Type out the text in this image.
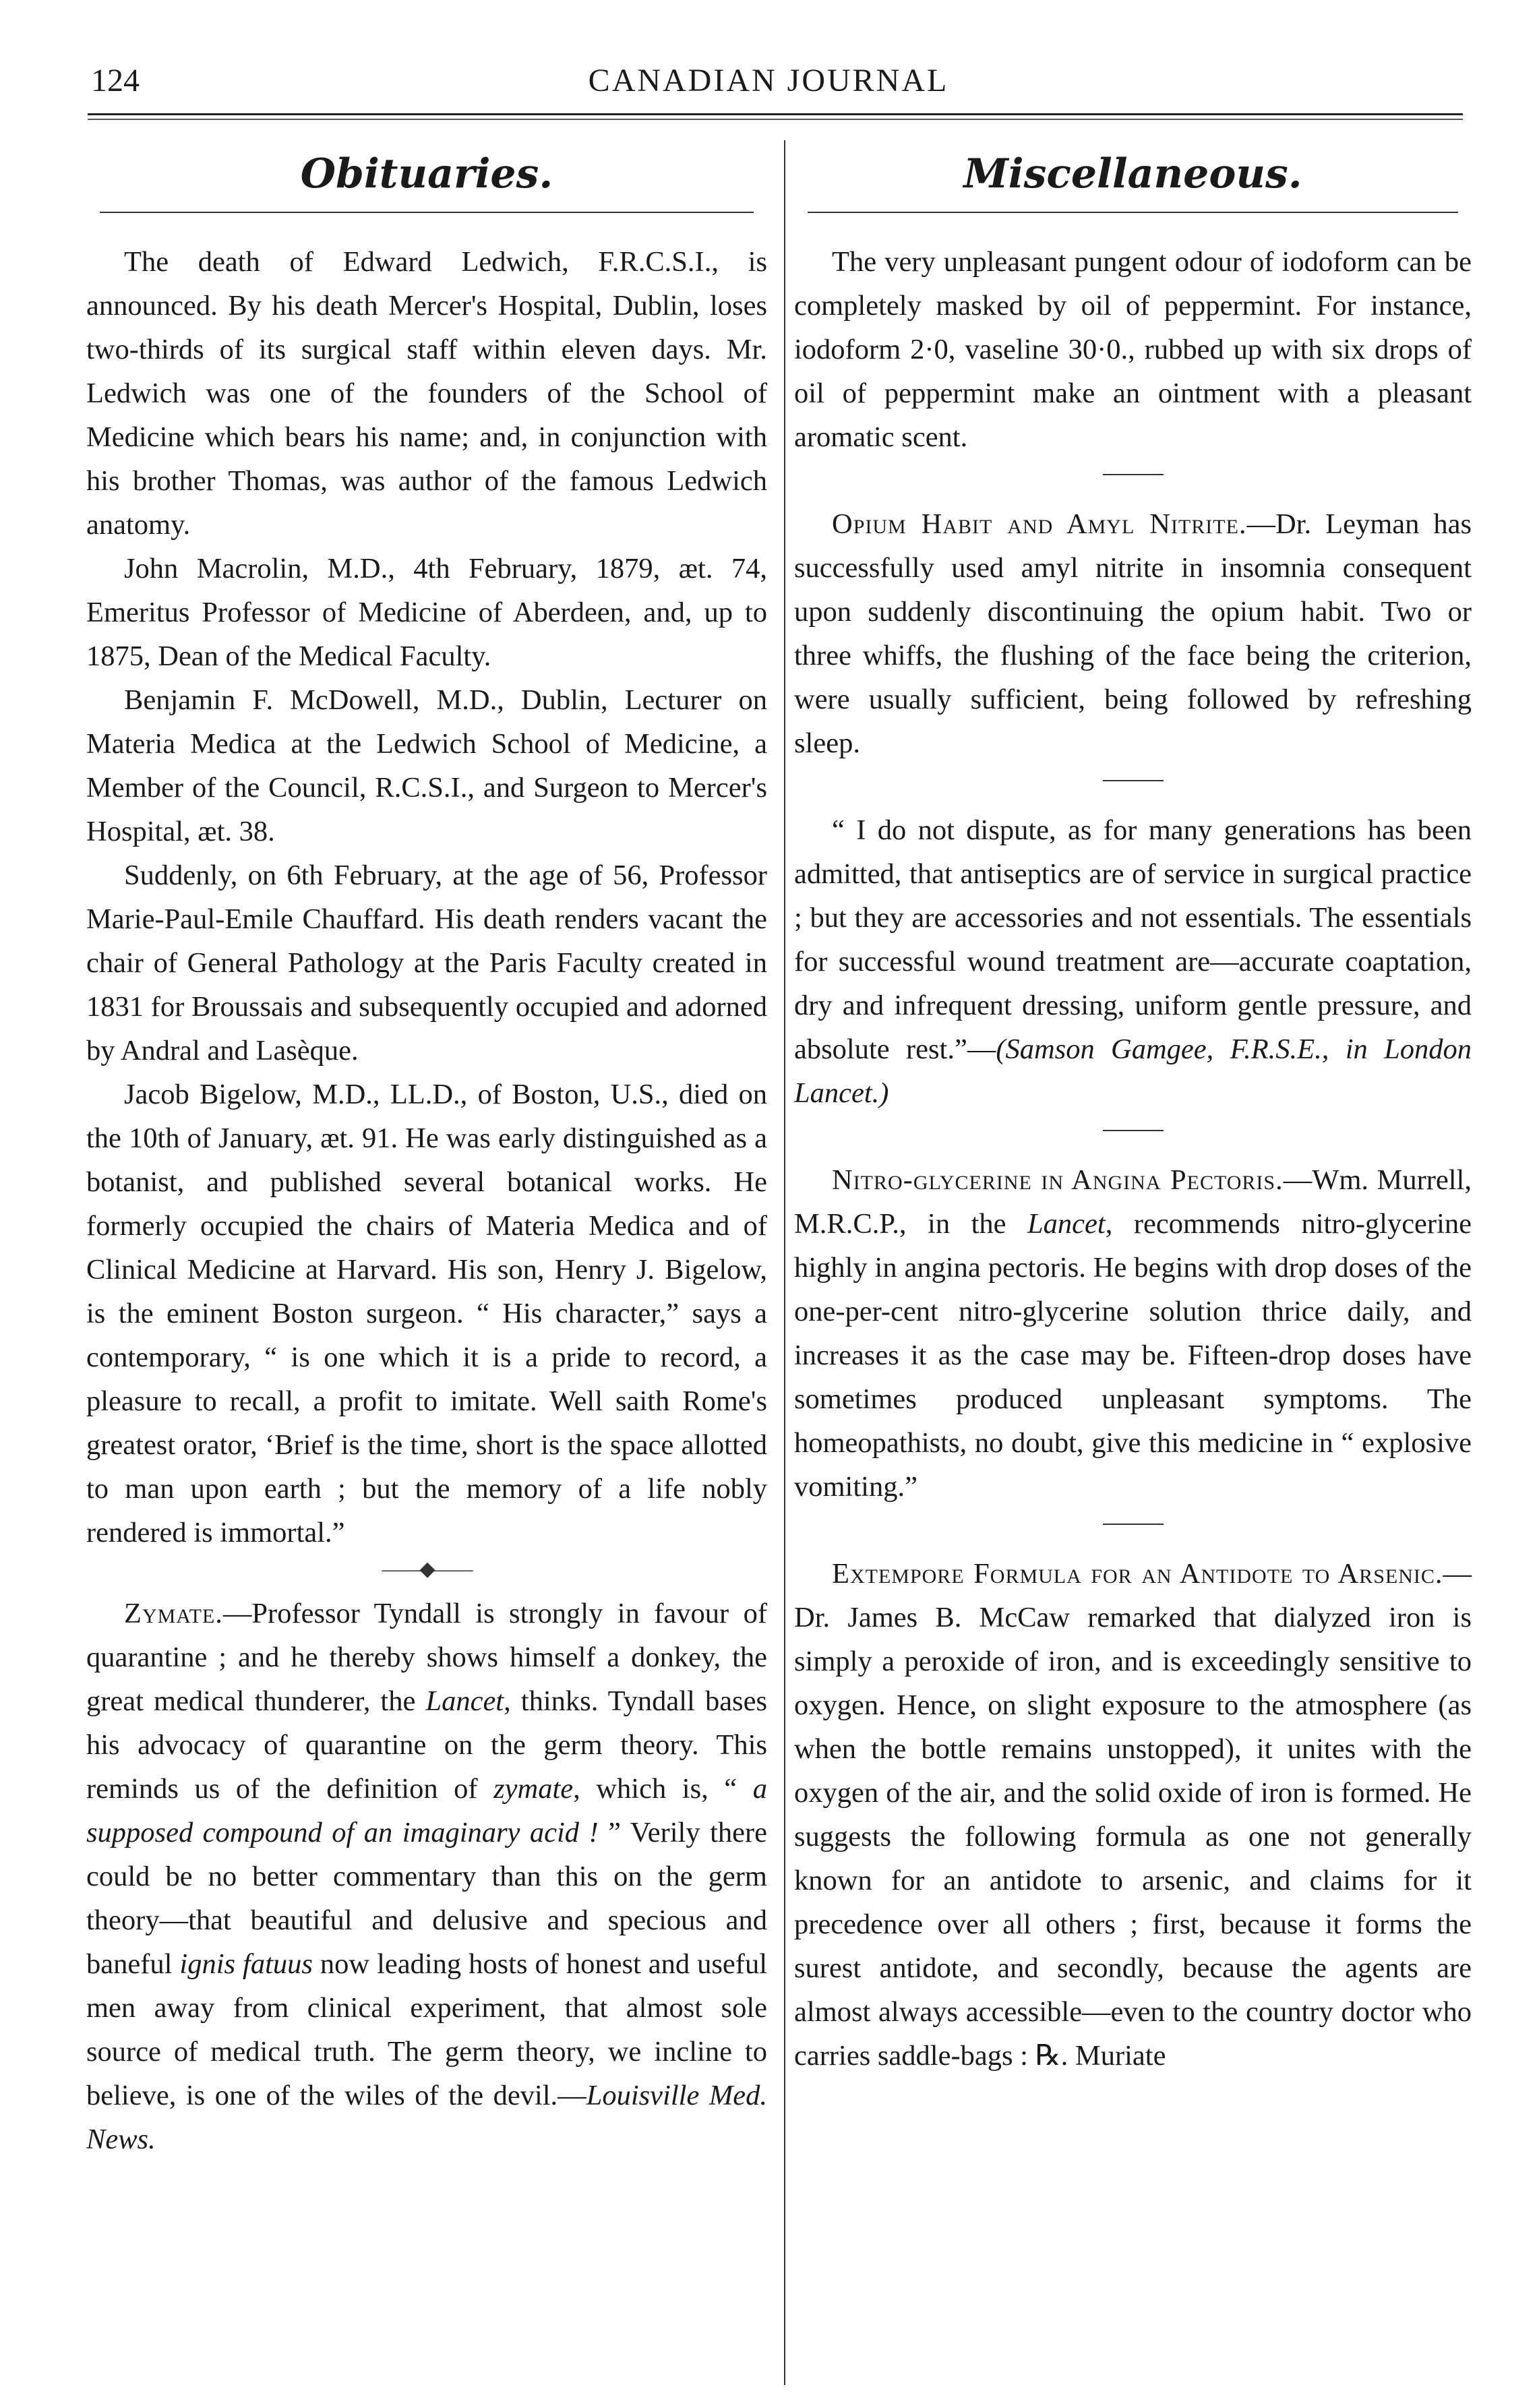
124	CANADIAN JOURNAL
Obituaries.

The death of Edward Ledwich, F.R.C.S.I., is announced. By his death Mercer's Hospital, Dublin, loses two-thirds of its surgical staff within eleven days. Mr. Ledwich was one of the founders of the School of Medicine which bears his name; and, in conjunction with his brother Thomas, was author of the famous Ledwich anatomy.

John Macrolin, M.D., 4th February, 1879, æt. 74, Emeritus Professor of Medicine of Aberdeen, and, up to 1875, Dean of the Medical Faculty.

Benjamin F. McDowell, M.D., Dublin, Lecturer on Materia Medica at the Ledwich School of Medicine, a Member of the Council, R.C.S.I., and Surgeon to Mercer's Hospital, æt. 38.

Suddenly, on 6th February, at the age of 56, Professor Marie-Paul-Emile Chauffard. His death renders vacant the chair of General Pathology at the Paris Faculty created in 1831 for Broussais and subsequently occupied and adorned by Andral and Lasèque.

Jacob Bigelow, M.D., LL.D., of Boston, U.S., died on the 10th of January, æt. 91. He was early distinguished as a botanist, and published several botanical works. He formerly occupied the chairs of Materia Medica and of Clinical Medicine at Harvard. His son, Henry J. Bigelow, is the eminent Boston surgeon. “ His character,” says a contemporary, “ is one which it is a pride to record, a pleasure to recall, a profit to imitate. Well saith Rome's greatest orator, ‘Brief is the time, short is the space allotted to man upon earth ; but the memory of a life nobly rendered is immortal.”

——◆——

Zymate.—Professor Tyndall is strongly in favour of quarantine ; and he thereby shows himself a donkey, the great medical thunderer, the Lancet, thinks. Tyndall bases his advocacy of quarantine on the germ theory. This reminds us of the definition of zymate, which is, “ a supposed compound of an imaginary acid ! ” Verily there could be no better commentary than this on the germ theory—that beautiful and delusive and specious and baneful ignis fatuus now leading hosts of honest and useful men away from clinical experiment, that almost sole source of medical truth. The germ theory, we incline to believe, is one of the wiles of the devil.—Louisville Med. News.

Miscellaneous.

The very unpleasant pungent odour of iodoform can be completely masked by oil of peppermint. For instance, iodoform 2·0, vaseline 30·0., rubbed up with six drops of oil of peppermint make an ointment with a pleasant aromatic scent.

Opium Habit and Amyl Nitrite.—Dr. Leyman has successfully used amyl nitrite in insomnia consequent upon suddenly discontinuing the opium habit. Two or three whiffs, the flushing of the face being the criterion, were usually sufficient, being followed by refreshing sleep.

“ I do not dispute, as for many generations has been admitted, that antiseptics are of service in surgical practice ; but they are accessories and not essentials. The essentials for successful wound treatment are—accurate coaptation, dry and infrequent dressing, uniform gentle pressure, and absolute rest.”—(Samson Gamgee, F.R.S.E., in London Lancet.)

Nitro-glycerine in Angina Pectoris.—Wm. Murrell, M.R.C.P., in the Lancet, recommends nitro-glycerine highly in angina pectoris. He begins with drop doses of the one-per-cent nitro-glycerine solution thrice daily, and increases it as the case may be. Fifteen-drop doses have sometimes produced unpleasant symptoms. The homeopathists, no doubt, give this medicine in “ explosive vomiting.”

Extempore Formula for an Antidote to Arsenic.—Dr. James B. McCaw remarked that dialyzed iron is simply a peroxide of iron, and is exceedingly sensitive to oxygen. Hence, on slight exposure to the atmosphere (as when the bottle remains unstopped), it unites with the oxygen of the air, and the solid oxide of iron is formed. He suggests the following formula as one not generally known for an antidote to arsenic, and claims for it precedence over all others ; first, because it forms the surest antidote, and secondly, because the agents are almost always accessible—even to the country doctor who carries saddle-bags : ℞. Muriate
